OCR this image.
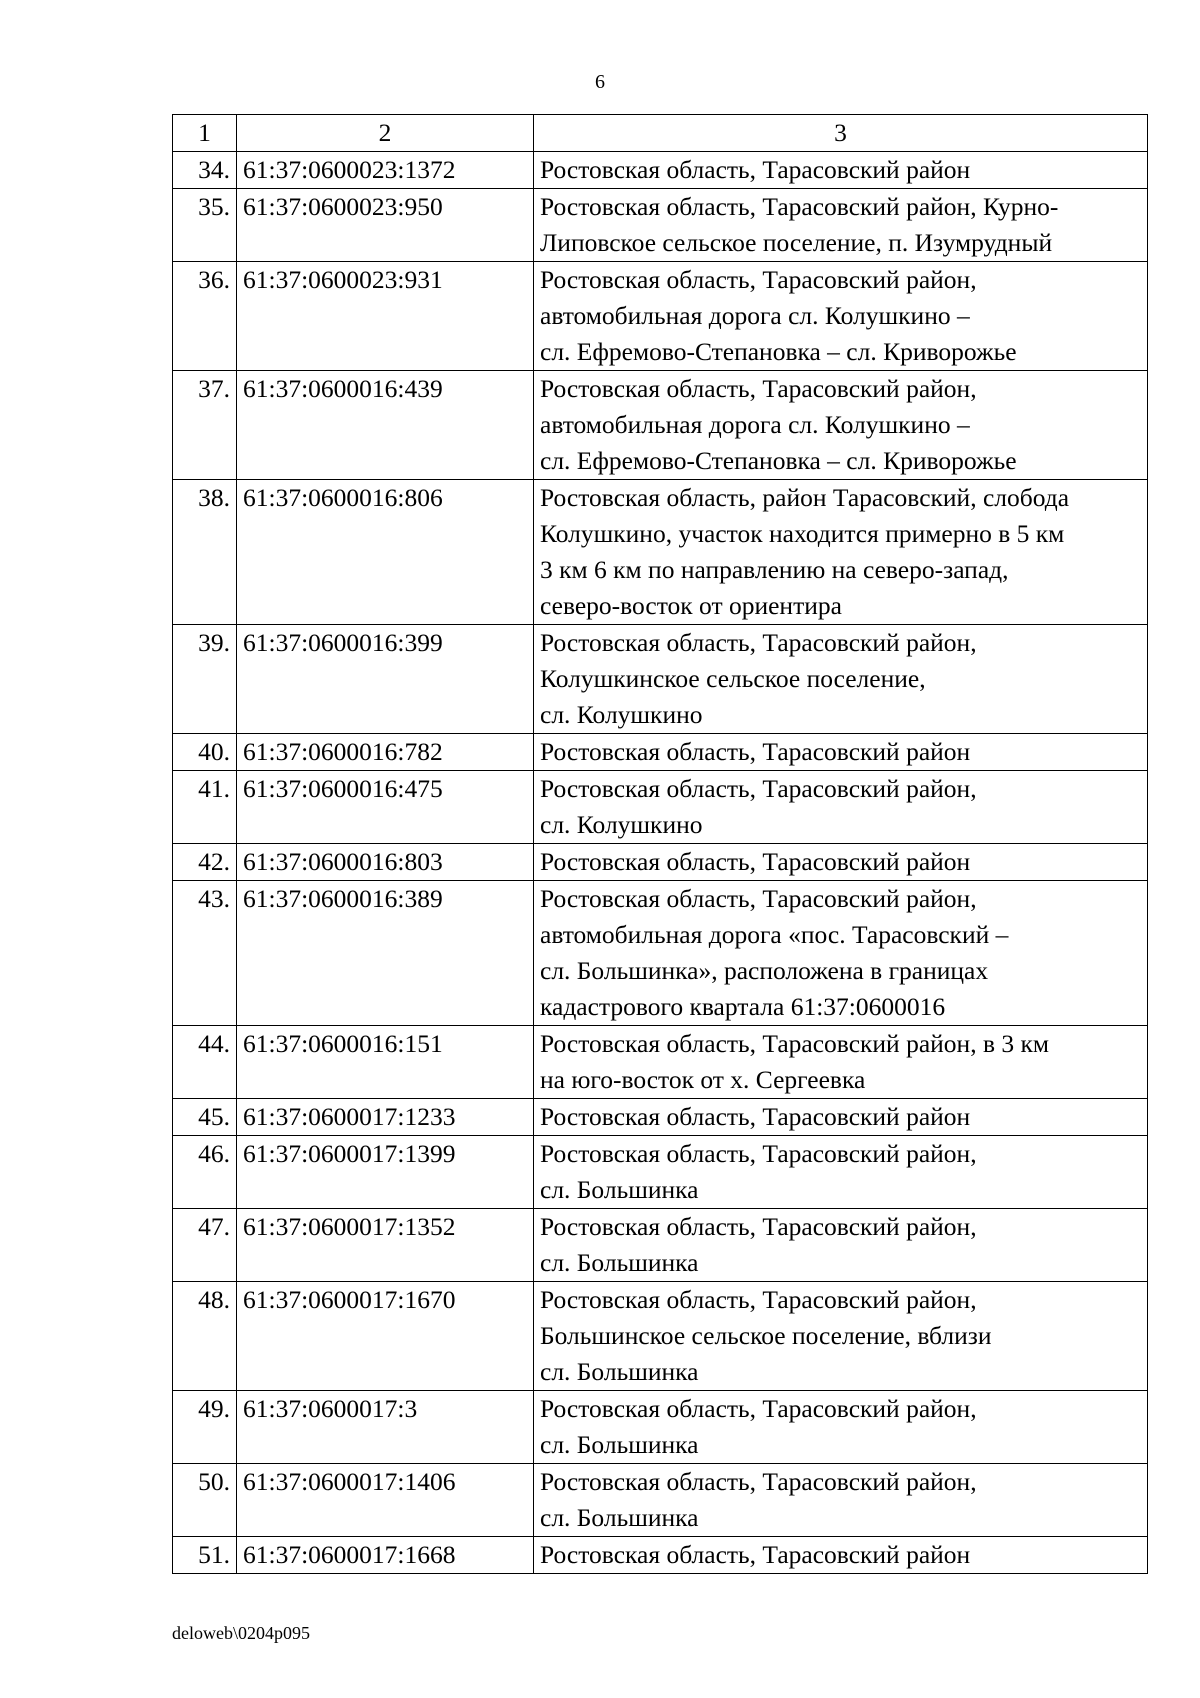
6
1	2	3
34.	61:37:0600023:1372	Ростовская область, Тарасовский район

35.	61:37:0600023:950	Ростовская область, Тарасовский район, Курно-
Липовское сельское поселение, п. Изумрудный

36.	61:37:0600023:931	Ростовская область, Тарасовский район,
автомобильная дорога сл. Колушкино –
сл. Ефремово-Степановка – сл. Криворожье

37.	61:37:0600016:439	Ростовская область, Тарасовский район,
автомобильная дорога сл. Колушкино –
сл. Ефремово-Степановка – сл. Криворожье

38.	61:37:0600016:806	Ростовская область, район Тарасовский, слобода
Колушкино, участок находится примерно в 5 км
3 км 6 км по направлению на северо-запад,
северо-восток от ориентира

39.	61:37:0600016:399	Ростовская область, Тарасовский район,
Колушкинское сельское поселение,
сл. Колушкино

40.	61:37:0600016:782	Ростовская область, Тарасовский район

41.	61:37:0600016:475	Ростовская область, Тарасовский район,
сл. Колушкино

42.	61:37:0600016:803	Ростовская область, Тарасовский район

43.	61:37:0600016:389	Ростовская область, Тарасовский район,
автомобильная дорога «пос. Тарасовский –
сл. Большинка», расположена в границах
кадастрового квартала 61:37:0600016

44.	61:37:0600016:151	Ростовская область, Тарасовский район, в 3 км
на юго-восток от х. Сергеевка

45.	61:37:0600017:1233	Ростовская область, Тарасовский район

46.	61:37:0600017:1399	Ростовская область, Тарасовский район,
сл. Большинка

47.	61:37:0600017:1352	Ростовская область, Тарасовский район,
сл. Большинка

48.	61:37:0600017:1670	Ростовская область, Тарасовский район,
Большинское сельское поселение, вблизи
сл. Большинка

49.	61:37:0600017:3	Ростовская область, Тарасовский район,
сл. Большинка

50.	61:37:0600017:1406	Ростовская область, Тарасовский район,
сл. Большинка

51.	61:37:0600017:1668	Ростовская область, Тарасовский район
deloweb\0204p095
